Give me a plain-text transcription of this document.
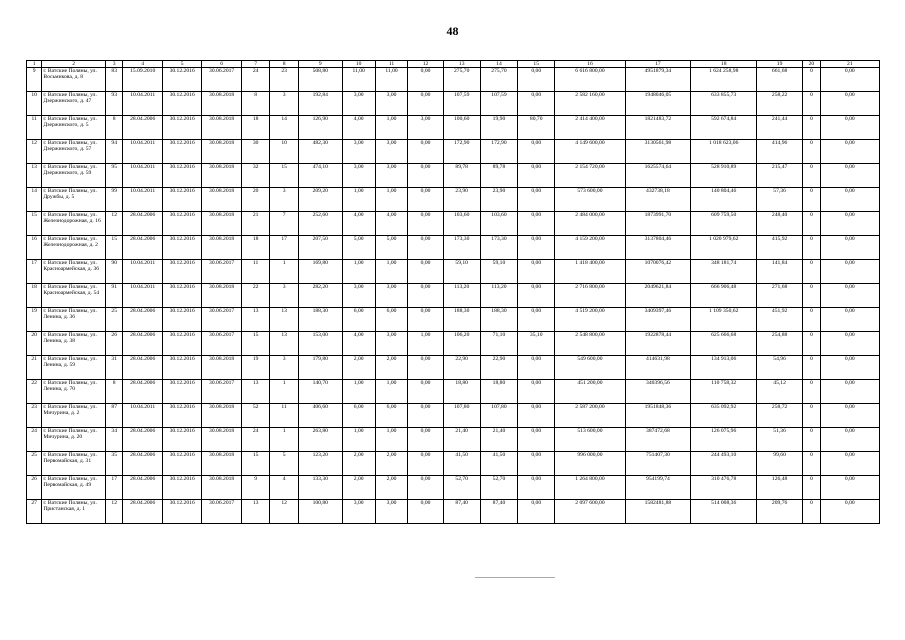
48
1	2	3	4	5	6	7	8	9	10	11	12	13	14	15	16	17	18	19	20	21
9	г. Ватские Поляны, ул. Восьмикова, д. 8	83	15.09.2010	30.12.2016	30.06.2017	24	23	508,80	11,00	11,00	0,00	275,70	275,70	0,00	6 616 800,00	4951879,34	1 624 258,98	661,68	0	0,00
10	г. Ватские Поляны, ул. Дзержинского, д. 47	93	10.04.2011	30.12.2016	30.08.2018	8	3	192,84	3,00	3,00	0,00	107,59	107,59	0,00	2 582 160,00	1948046,05	633 855,73	258,22	0	0,00
11	г. Ватские Поляны, ул. Дзержинского, д. 5	8	28.04.2006	30.12.2016	30.08.2018	18	14	126,90	4,00	1,00	3,00	100,60	19,90	80,70	2 414 400,00	1821483,72	592 674,84	241,44	0	0,00
12	г. Ватские Поляны, ул. Дзержинского, д. 57	94	10.04.2011	30.12.2016	30.08.2018	30	10	482,30	3,00	3,00	0,00	172,90	172,90	0,00	4 149 600,00	3130561,98	1 018 623,06	414,96	0	0,00
13	г. Ватские Поляны, ул. Дзержинского, д. 59	95	10.04.2011	30.12.2016	30.08.2018	32	15	474,10	3,00	3,00	0,00	89,78	89,78	0,00	2 154 720,00	1625574,64	528 910,89	215,47	0	0,00
14	г. Ватские Поляны, ул. Дружбы, д. 5	99	10.04.2011	30.12.2016	30.08.2018	20	3	209,20	1,00	1,00	0,00	23,90	23,90	0,00	573 600,00	432738,18	140 804,46	57,36	0	0,00
15	г. Ватские Поляны, ул. Железнодорожная, д. 16	12	28.04.2006	30.12.2016	30.08.2018	21	7	252,60	4,00	4,00	0,00	103,60	103,60	0,00	2 484 000,00	1873991,70	609 759,50	248,40	0	0,00
16	г. Ватские Поляны, ул. Железнодорожная, д. 2	15	28.04.2006	30.12.2016	30.08.2018	18	17	207,50	5,00	5,00	0,00	173,30	173,30	0,00	4 159 200,00	3137804,46	1 020 979,62	415,92	0	0,00
17	г. Ватские Поляны, ул. Красноармейская, д. 36	90	10.04.2011	30.12.2016	30.06.2017	11	1	169,80	1,00	1,00	0,00	59,10	59,10	0,00	1 418 400,00	1070076,42	348 181,74	141,84	0	0,00
18	г. Ватские Поляны, ул. Красноармейская, д. 54	91	10.04.2011	30.12.2016	30.08.2018	22	3	282,20	3,00	3,00	0,00	113,20	113,20	0,00	2 716 800,00	2049621,84	666 906,48	271,68	0	0,00
19	г. Ватские Поляны, ул. Ленина, д. 36	25	28.04.2006	30.12.2016	30.06.2017	13	13	188,30	6,00	6,00	0,00	188,30	188,30	0,00	4 519 200,00	3409397,46	1 109 350,62	451,92	0	0,00
20	г. Ватские Поляны, ул. Ленина, д. 38	26	28.04.2006	30.12.2016	30.06.2017	15	13	153,00	4,00	3,00	1,00	106,20	71,10	35,10	2 548 800,00	1922878,44	625 666,68	254,88	0	0,00
21	г. Ватские Поляны, ул. Ленина, д. 59	31	28.04.2006	30.12.2016	30.08.2018	19	3	179,80	2,00	2,00	0,00	22,90	22,90	0,00	549 600,00	414631,98	134 913,06	54,96	0	0,00
22	г. Ватские Поляны, ул. Ленина, д. 70	8	28.04.2006	30.12.2016	30.06.2017	13	1	140,70	1,00	1,00	0,00	18,80	18,80	0,00	451 200,00	340396,56	110 758,32	45,12	0	0,00
23	г. Ватские Поляны, ул. Мичурина, д. 2	87	10.04.2011	30.12.2016	30.08.2018	52	11	406,60	6,00	6,00	0,00	107,80	107,80	0,00	2 587 200,00	1951848,36	635 092,92	258,72	0	0,00
24	г. Ватские Поляны, ул. Мичурина, д. 20	34	28.04.2006	30.12.2016	30.08.2018	24	1	263,80	1,00	1,00	0,00	21,40	21,40	0,00	513 600,00	387472,68	126 075,96	51,36	0	0,00
25	г. Ватские Поляны, ул. Первомайская, д. 31	35	28.04.2006	30.12.2016	30.08.2018	15	5	123,20	2,00	2,00	0,00	41,50	41,50	0,00	996 000,00	751407,30	244 493,10	99,60	0	0,00
26	г. Ватские Поляны, ул. Первомайская, д. 49	17	28.04.2006	30.12.2016	30.08.2018	9	4	133,30	2,00	2,00	0,00	52,70	52,70	0,00	1 264 800,00	954199,74	310 476,78	126,48	0	0,00
27	г. Ватские Поляны, ул. Пристанская, д. 1	12	28.04.2006	30.12.2016	30.06.2017	13	12	100,80	3,00	3,00	0,00	87,40	87,40	0,00	2 097 600,00	1582481,88	514 008,36	209,76	0	0,00
